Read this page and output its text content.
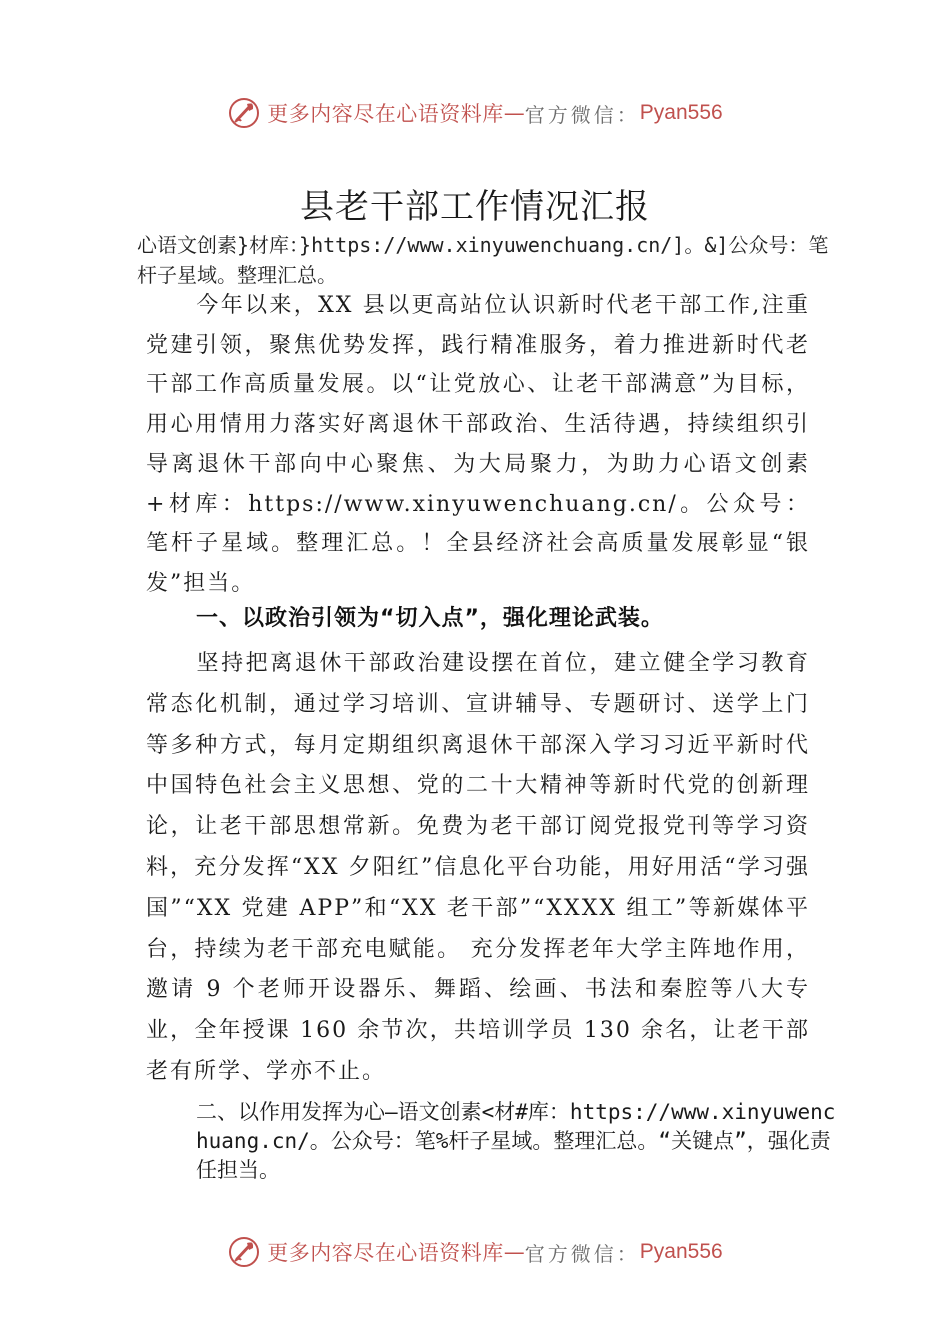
更多内容尽在心语资料库 — 官方微信： Pyan556
县老干部工作情况汇报
心语文创素}材库：}https://www.xinyuwenchuang.cn/]。&]公众号：笔杆子星域。整理汇总。
今年以来，XX 县以更高站位认识新时代老干部工作,注重党建引领，聚焦优势发挥，践行精准服务，着力推进新时代老干部工作高质量发展。以“让党放心、让老干部满意”为目标，用心用情用力落实好离退休干部政治、生活待遇，持续组织引导离退休干部向中心聚焦、为大局聚力，为助力心语文创素+材库：https://www.xinyuwenchuang.cn/。公众号：笔杆子星域。整理汇总。！全县经济社会高质量发展彰显“银发”担当。
一、以政治引领为“切入点”，强化理论武装。
坚持把离退休干部政治建设摆在首位，建立健全学习教育常态化机制，通过学习培训、宣讲辅导、专题研讨、送学上门等多种方式，每月定期组织离退休干部深入学习习近平新时代中国特色社会主义思想、党的二十大精神等新时代党的创新理论，让老干部思想常新。免费为老干部订阅党报党刊等学习资料，充分发挥“XX 夕阳红”信息化平台功能，用好用活“学习强国”“XX 党建 APP”和“XX 老干部”“XXXX 组工”等新媒体平台，持续为老干部充电赋能。 充分发挥老年大学主阵地作用，邀请 9 个老师开设器乐、舞蹈、绘画、书法和秦腔等八大专业，全年授课 160 余节次，共培训学员 130 余名，让老干部老有所学、学亦不止。
二、以作用发挥为心—语文创素<材#库：https://www.xinyuwenchuang.cn/。公众号：笔%杆子星域。整理汇总。“关键点”，强化责任担当。
更多内容尽在心语资料库 — 官方微信： Pyan556
